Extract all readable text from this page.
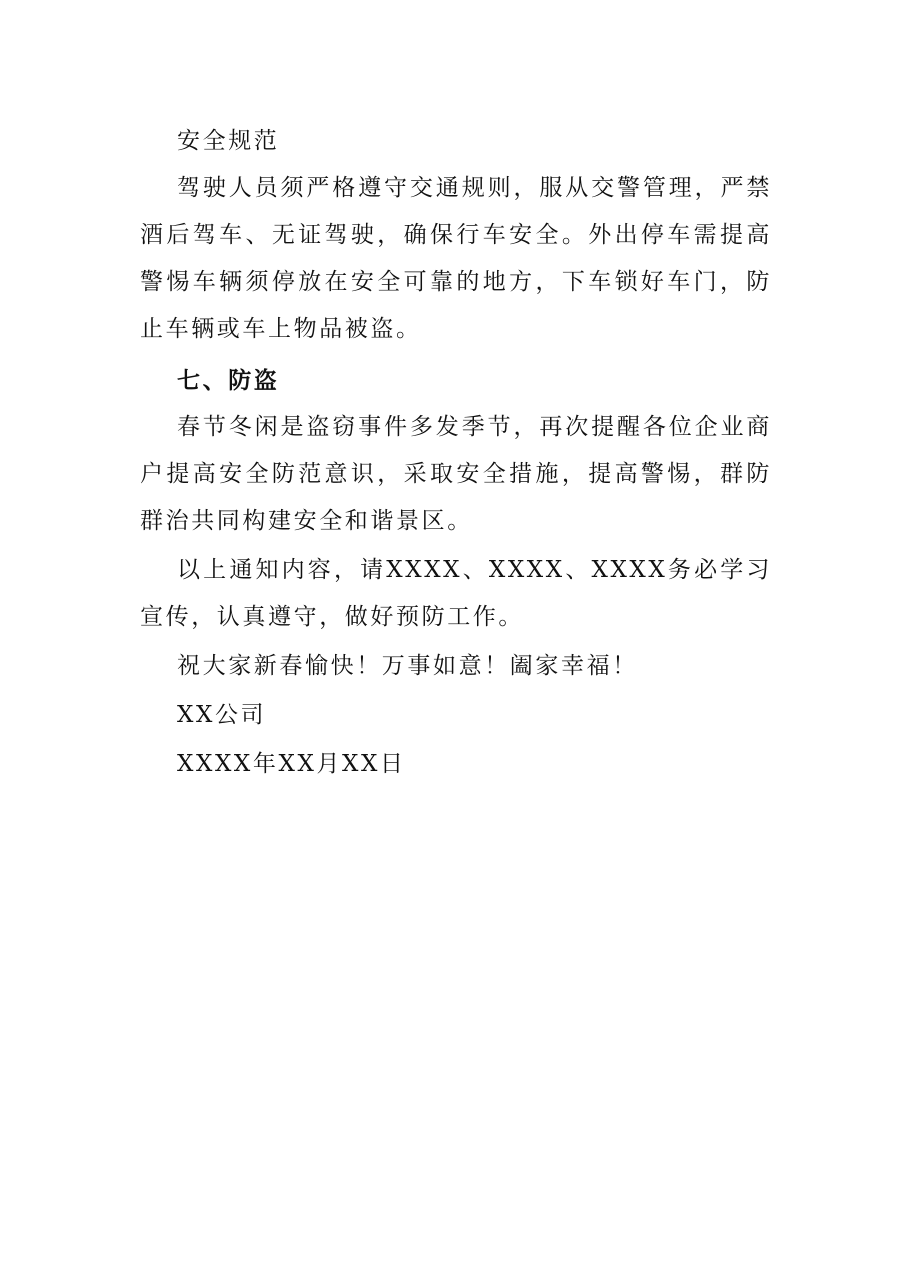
安全规范

驾驶人员须严格遵守交通规则，服从交警管理，严禁酒后驾车、无证驾驶，确保行车安全。外出停车需提高警惕车辆须停放在安全可靠的地方，下车锁好车门，防止车辆或车上物品被盗。

七、防盗

春节冬闲是盗窃事件多发季节，再次提醒各位企业商户提高安全防范意识，采取安全措施，提高警惕，群防群治共同构建安全和谐景区。

以上通知内容，请XXXX、XXXX、XXXX务必学习宣传，认真遵守，做好预防工作。

祝大家新春愉快！万事如意！阖家幸福！

XX公司

XXXX年XX月XX日
